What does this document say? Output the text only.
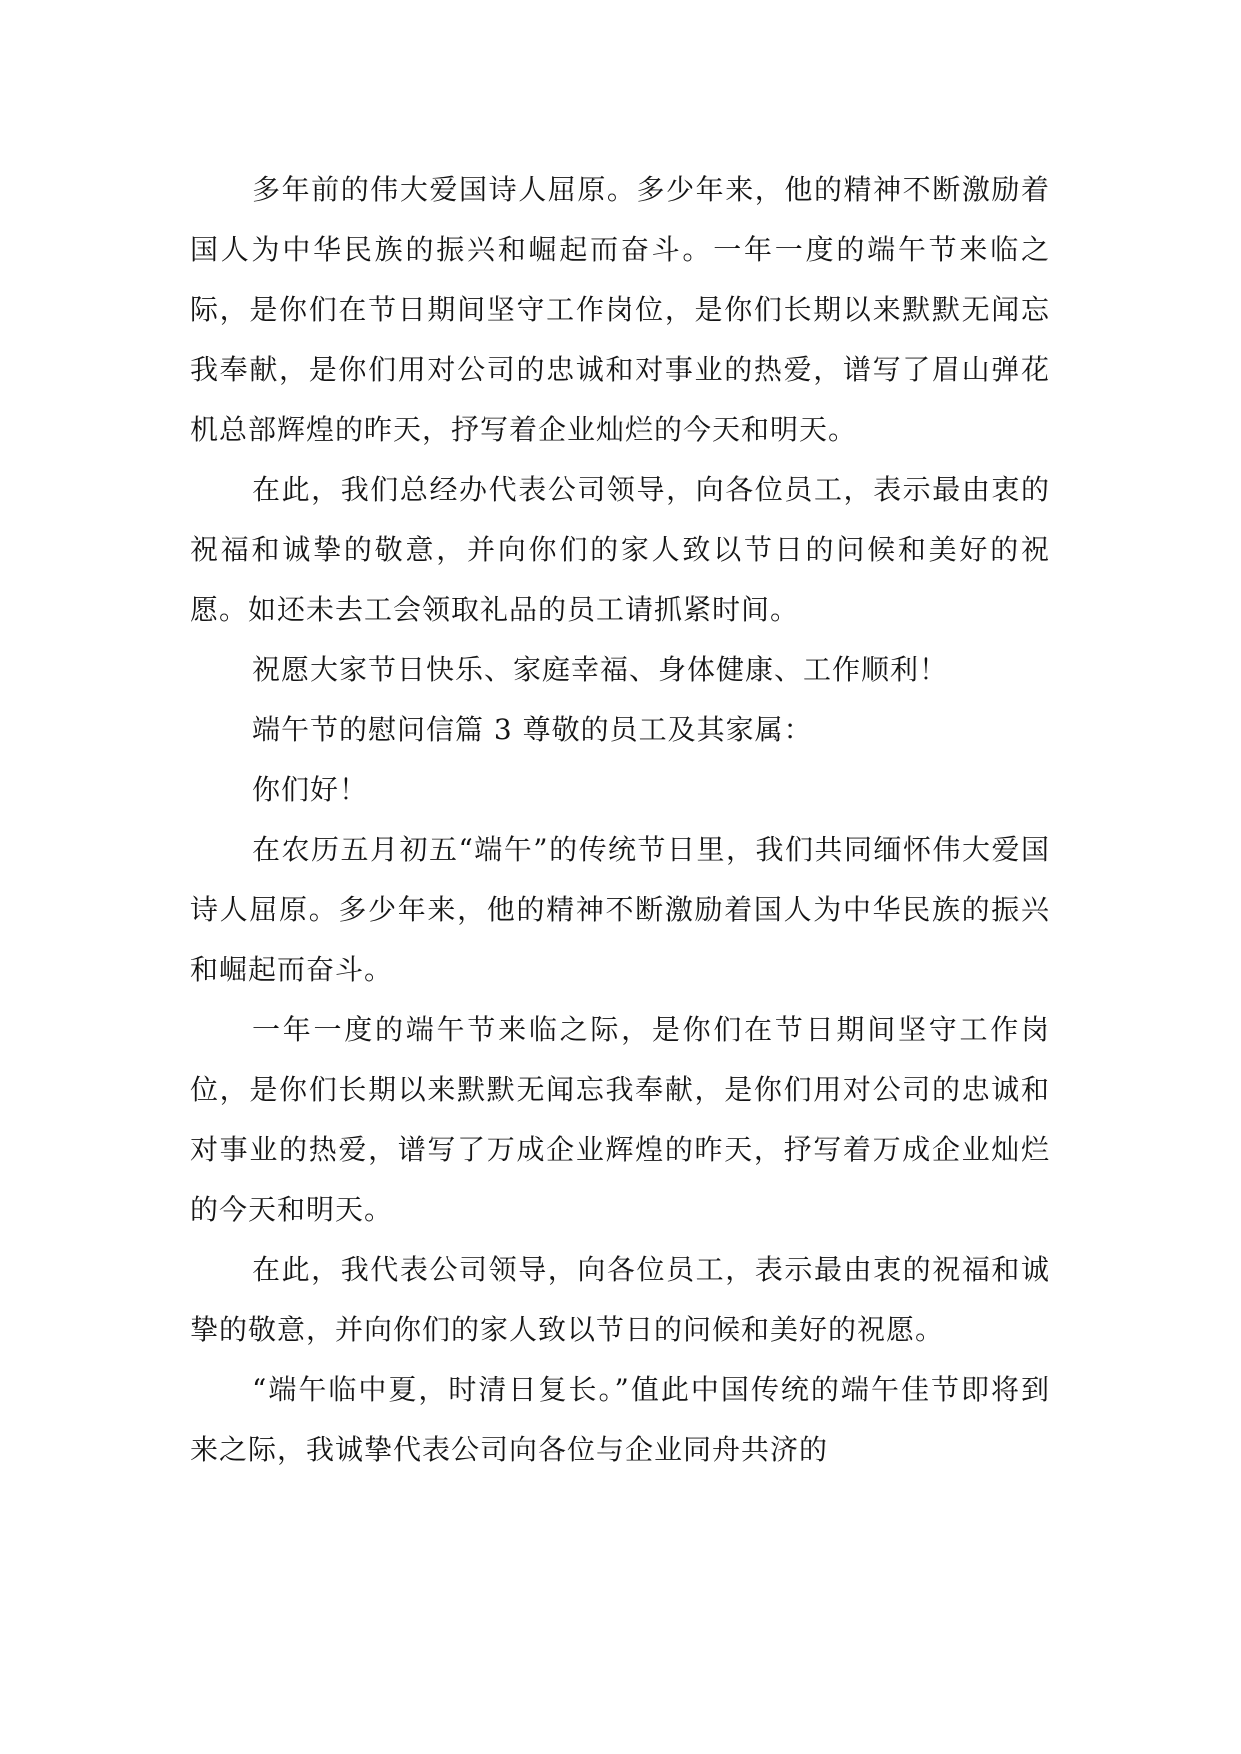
多年前的伟大爱国诗人屈原。多少年来，他的精神不断激励着国人为中华民族的振兴和崛起而奋斗。一年一度的端午节来临之际，是你们在节日期间坚守工作岗位，是你们长期以来默默无闻忘我奉献，是你们用对公司的忠诚和对事业的热爱，谱写了眉山弹花机总部辉煌的昨天，抒写着企业灿烂的今天和明天。

在此，我们总经办代表公司领导，向各位员工，表示最由衷的祝福和诚挚的敬意，并向你们的家人致以节日的问候和美好的祝愿。如还未去工会领取礼品的员工请抓紧时间。

祝愿大家节日快乐、家庭幸福、身体健康、工作顺利！

端午节的慰问信篇 3 尊敬的员工及其家属：

你们好！

在农历五月初五“端午”的传统节日里，我们共同缅怀伟大爱国诗人屈原。多少年来，他的精神不断激励着国人为中华民族的振兴和崛起而奋斗。

一年一度的端午节来临之际，是你们在节日期间坚守工作岗位，是你们长期以来默默无闻忘我奉献，是你们用对公司的忠诚和对事业的热爱，谱写了万成企业辉煌的昨天，抒写着万成企业灿烂的今天和明天。

在此，我代表公司领导，向各位员工，表示最由衷的祝福和诚挚的敬意，并向你们的家人致以节日的问候和美好的祝愿。

“端午临中夏，时清日复长。”值此中国传统的端午佳节即将到来之际，我诚挚代表公司向各位与企业同舟共济的
